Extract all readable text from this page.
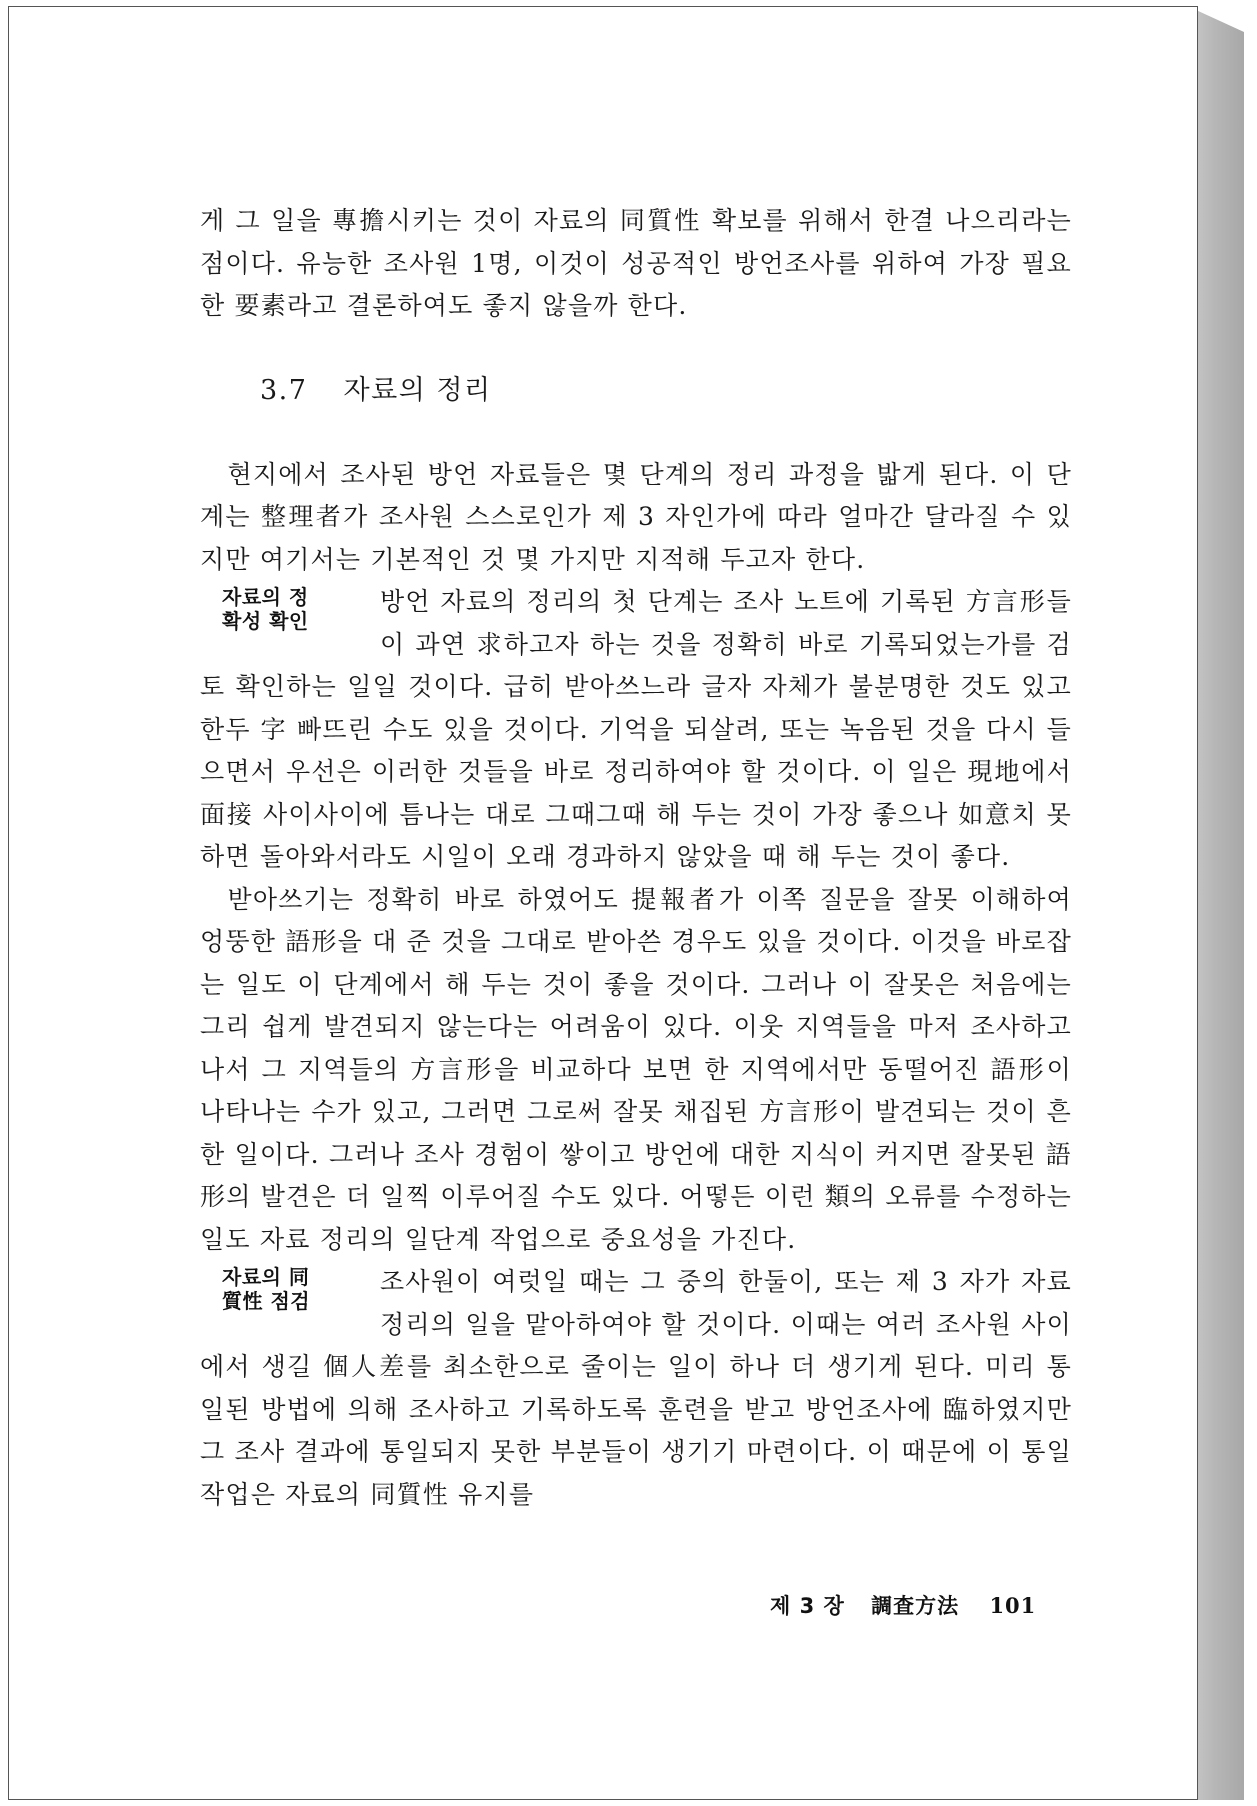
게 그 일을 專擔시키는 것이 자료의 同質性 확보를 위해서 한결 나으리라는 점이다. 유능한 조사원 1명, 이것이 성공적인 방언조사를 위하여 가장 필요한 要素라고 결론하여도 좋지 않을까 한다.

3.7 자료의 정리

현지에서 조사된 방언 자료들은 몇 단계의 정리 과정을 밟게 된다. 이 단계는 整理者가 조사원 스스로인가 제 3 자인가에 따라 얼마간 달라질 수 있지만 여기서는 기본적인 것 몇 가지만 지적해 두고자 한다.

자료의 정
확성 확인

방언 자료의 정리의 첫 단계는 조사 노트에 기록된 方言形들이 과연 求하고자 하는 것을 정확히 바로 기록되었는가를 검토 확인하는 일일 것이다. 급히 받아쓰느라 글자 자체가 불분명한 것도 있고 한두 字 빠뜨린 수도 있을 것이다. 기억을 되살려, 또는 녹음된 것을 다시 들으면서 우선은 이러한 것들을 바로 정리하여야 할 것이다. 이 일은 現地에서 面接 사이사이에 틈나는 대로 그때그때 해 두는 것이 가장 좋으나 如意치 못하면 돌아와서라도 시일이 오래 경과하지 않았을 때 해 두는 것이 좋다.

받아쓰기는 정확히 바로 하였어도 提報者가 이쪽 질문을 잘못 이해하여 엉뚱한 語形을 대 준 것을 그대로 받아쓴 경우도 있을 것이다. 이것을 바로잡는 일도 이 단계에서 해 두는 것이 좋을 것이다. 그러나 이 잘못은 처음에는 그리 쉽게 발견되지 않는다는 어려움이 있다. 이웃 지역들을 마저 조사하고 나서 그 지역들의 方言形을 비교하다 보면 한 지역에서만 동떨어진 語形이 나타나는 수가 있고, 그러면 그로써 잘못 채집된 方言形이 발견되는 것이 흔한 일이다. 그러나 조사 경험이 쌓이고 방언에 대한 지식이 커지면 잘못된 語形의 발견은 더 일찍 이루어질 수도 있다. 어떻든 이런 類의 오류를 수정하는 일도 자료 정리의 일단계 작업으로 중요성을 가진다.

자료의 同
質性 점검

조사원이 여럿일 때는 그 중의 한둘이, 또는 제 3 자가 자료 정리의 일을 맡아하여야 할 것이다. 이때는 여러 조사원 사이에서 생길 個人差를 최소한으로 줄이는 일이 하나 더 생기게 된다. 미리 통일된 방법에 의해 조사하고 기록하도록 훈련을 받고 방언조사에 臨하였지만 그 조사 결과에 통일되지 못한 부분들이 생기기 마련이다. 이 때문에 이 통일 작업은 자료의 同質性 유지를

제 3 장 調査方法 101
